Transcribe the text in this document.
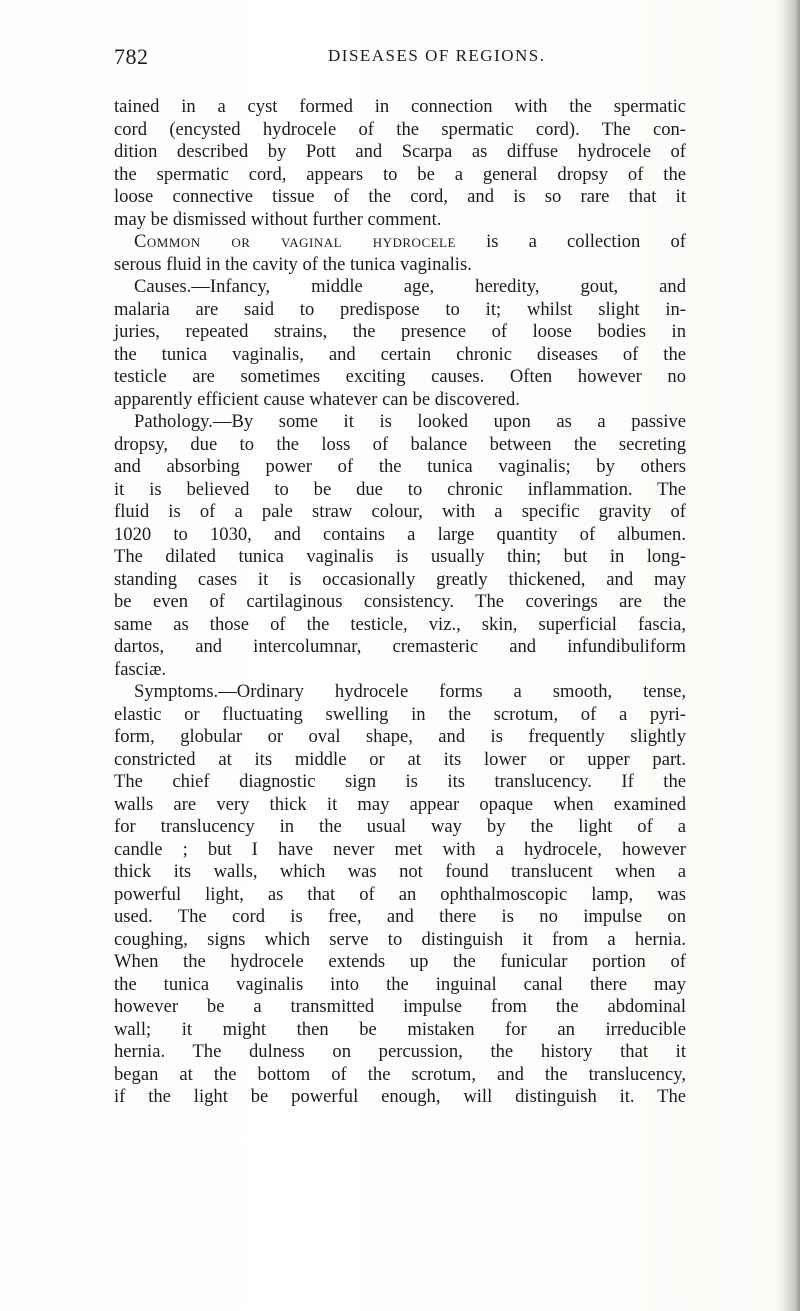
782	DISEASES OF REGIONS.
tained in a cyst formed in connection with the spermatic
cord (encysted hydrocele of the spermatic cord). The con-
dition described by Pott and Scarpa as diffuse hydrocele of
the spermatic cord, appears to be a general dropsy of the
loose connective tissue of the cord, and is so rare that it
may be dismissed without further comment.
Common or vaginal hydrocele is a collection of
serous fluid in the cavity of the tunica vaginalis.
Causes.—Infancy, middle age, heredity, gout, and
malaria are said to predispose to it; whilst slight in-
juries, repeated strains, the presence of loose bodies in
the tunica vaginalis, and certain chronic diseases of the
testicle are sometimes exciting causes. Often however no
apparently efficient cause whatever can be discovered.
Pathology.—By some it is looked upon as a passive
dropsy, due to the loss of balance between the secreting
and absorbing power of the tunica vaginalis; by others
it is believed to be due to chronic inflammation. The
fluid is of a pale straw colour, with a specific gravity of
1020 to 1030, and contains a large quantity of albumen.
The dilated tunica vaginalis is usually thin; but in long-
standing cases it is occasionally greatly thickened, and may
be even of cartilaginous consistency. The coverings are the
same as those of the testicle, viz., skin, superficial fascia,
dartos, and intercolumnar, cremasteric and infundibuliform
fasciæ.
Symptoms.—Ordinary hydrocele forms a smooth, tense,
elastic or fluctuating swelling in the scrotum, of a pyri-
form, globular or oval shape, and is frequently slightly
constricted at its middle or at its lower or upper part.
The chief diagnostic sign is its translucency. If the
walls are very thick it may appear opaque when examined
for translucency in the usual way by the light of a
candle ; but I have never met with a hydrocele, however
thick its walls, which was not found translucent when a
powerful light, as that of an ophthalmoscopic lamp, was
used. The cord is free, and there is no impulse on
coughing, signs which serve to distinguish it from a hernia.
When the hydrocele extends up the funicular portion of
the tunica vaginalis into the inguinal canal there may
however be a transmitted impulse from the abdominal
wall; it might then be mistaken for an irreducible
hernia. The dulness on percussion, the history that it
began at the bottom of the scrotum, and the translucency,
if the light be powerful enough, will distinguish it. The
